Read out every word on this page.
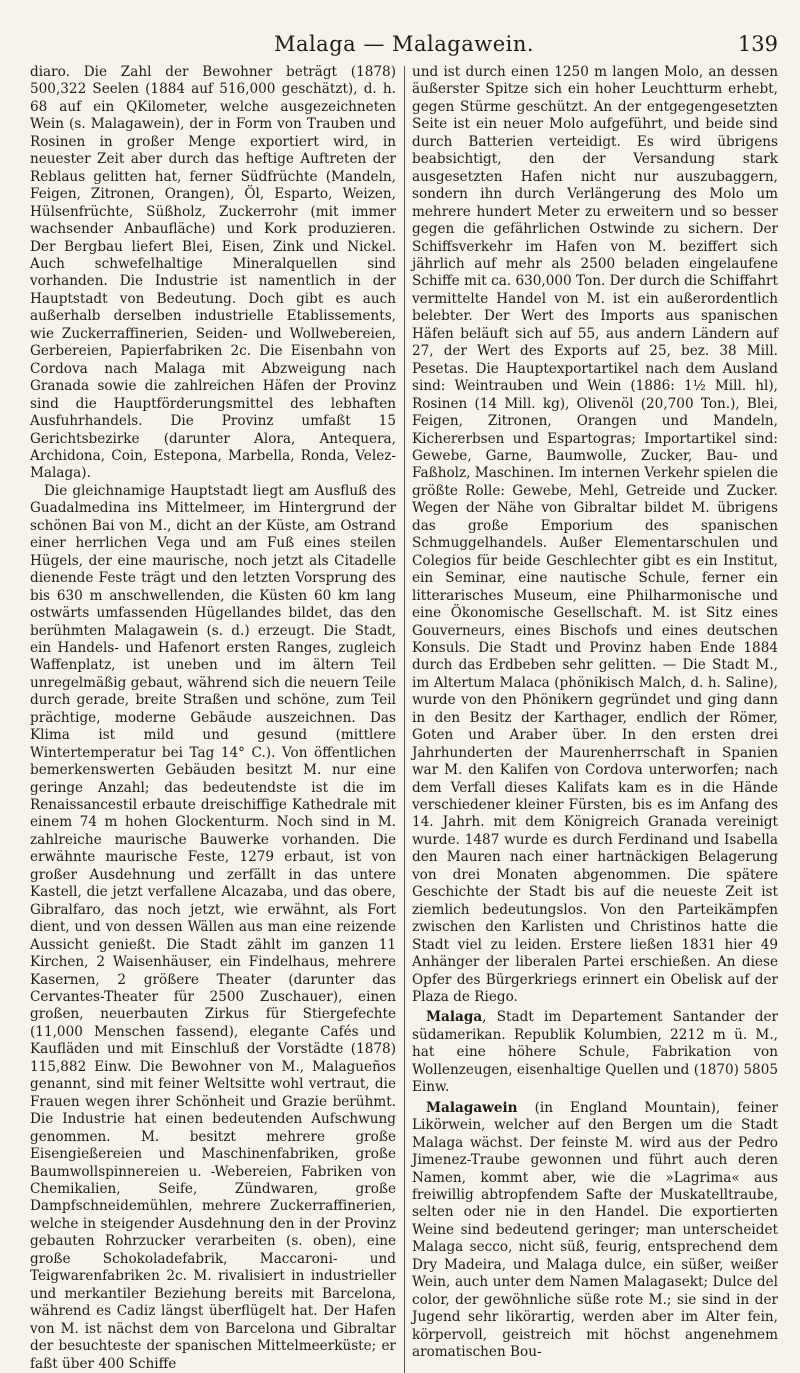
Malaga — Malagawein.	139

diaro. Die Zahl der Bewohner beträgt (1878) 500,322 Seelen (1884 auf 516,000 geschätzt), d. h. 68 auf ein QKilometer, welche ausgezeichneten Wein (s. Malagawein), der in Form von Trauben und Rosinen in großer Menge exportiert wird, in neuester Zeit aber durch das heftige Auftreten der Reblaus gelitten hat, ferner Südfrüchte (Mandeln, Feigen, Zitronen, Orangen), Öl, Esparto, Weizen, Hülsenfrüchte, Süßholz, Zuckerrohr (mit immer wachsender Anbaufläche) und Kork produzieren. Der Bergbau liefert Blei, Eisen, Zink und Nickel. Auch schwefelhaltige Mineralquellen sind vorhanden. Die Industrie ist namentlich in der Hauptstadt von Bedeutung. Doch gibt es auch außerhalb derselben industrielle Etablissements, wie Zuckerraffinerien, Seiden- und Wollwebereien, Gerbereien, Papierfabriken 2c. Die Eisenbahn von Cordova nach Malaga mit Abzweigung nach Granada sowie die zahlreichen Häfen der Provinz sind die Hauptförderungsmittel des lebhaften Ausfuhrhandels. Die Provinz umfaßt 15 Gerichtsbezirke (darunter Alora, Antequera, Archidona, Coin, Estepona, Marbella, Ronda, Velez-Malaga).

Die gleichnamige Hauptstadt liegt am Ausfluß des Guadalmedina ins Mittelmeer, im Hintergrund der schönen Bai von M., dicht an der Küste, am Ostrand einer herrlichen Vega und am Fuß eines steilen Hügels, der eine maurische, noch jetzt als Citadelle dienende Feste trägt und den letzten Vorsprung des bis 630 m anschwellenden, die Küsten 60 km lang ostwärts umfassenden Hügellandes bildet, das den berühmten Malagawein (s. d.) erzeugt. Die Stadt, ein Handels- und Hafenort ersten Ranges, zugleich Waffenplatz, ist uneben und im ältern Teil unregelmäßig gebaut, während sich die neuern Teile durch gerade, breite Straßen und schöne, zum Teil prächtige, moderne Gebäude auszeichnen. Das Klima ist mild und gesund (mittlere Wintertemperatur bei Tag 14° C.). Von öffentlichen bemerkenswerten Gebäuden besitzt M. nur eine geringe Anzahl; das bedeutendste ist die im Renaissancestil erbaute dreischiffige Kathedrale mit einem 74 m hohen Glockenturm. Noch sind in M. zahlreiche maurische Bauwerke vorhanden. Die erwähnte maurische Feste, 1279 erbaut, ist von großer Ausdehnung und zerfällt in das untere Kastell, die jetzt verfallene Alcazaba, und das obere, Gibralfaro, das noch jetzt, wie erwähnt, als Fort dient, und von dessen Wällen aus man eine reizende Aussicht genießt. Die Stadt zählt im ganzen 11 Kirchen, 2 Waisenhäuser, ein Findelhaus, mehrere Kasernen, 2 größere Theater (darunter das Cervantes-Theater für 2500 Zuschauer), einen großen, neuerbauten Zirkus für Stiergefechte (11,000 Menschen fassend), elegante Cafés und Kaufläden und mit Einschluß der Vorstädte (1878) 115,882 Einw. Die Bewohner von M., Malagueños genannt, sind mit feiner Weltsitte wohl vertraut, die Frauen wegen ihrer Schönheit und Grazie berühmt. Die Industrie hat einen bedeutenden Aufschwung genommen. M. besitzt mehrere große Eisengießereien und Maschinenfabriken, große Baumwollspinnereien u. -Webereien, Fabriken von Chemikalien, Seife, Zündwaren, große Dampfschneidemühlen, mehrere Zuckerraffinerien, welche in steigender Ausdehnung den in der Provinz gebauten Rohrzucker verarbeiten (s. oben), eine große Schokoladefabrik, Maccaroni- und Teigwarenfabriken 2c. M. rivalisiert in industrieller und merkantiler Beziehung bereits mit Barcelona, während es Cadiz längst überflügelt hat. Der Hafen von M. ist nächst dem von Barcelona und Gibraltar der besuchteste der spanischen Mittelmeerküste; er faßt über 400 Schiffe

und ist durch einen 1250 m langen Molo, an dessen äußerster Spitze sich ein hoher Leuchtturm erhebt, gegen Stürme geschützt. An der entgegengesetzten Seite ist ein neuer Molo aufgeführt, und beide sind durch Batterien verteidigt. Es wird übrigens beabsichtigt, den der Versandung stark ausgesetzten Hafen nicht nur auszubaggern, sondern ihn durch Verlängerung des Molo um mehrere hundert Meter zu erweitern und so besser gegen die gefährlichen Ostwinde zu sichern. Der Schiffsverkehr im Hafen von M. beziffert sich jährlich auf mehr als 2500 beladen eingelaufene Schiffe mit ca. 630,000 Ton. Der durch die Schiffahrt vermittelte Handel von M. ist ein außerordentlich belebter. Der Wert des Imports aus spanischen Häfen beläuft sich auf 55, aus andern Ländern auf 27, der Wert des Exports auf 25, bez. 38 Mill. Pesetas. Die Hauptexportartikel nach dem Ausland sind: Weintrauben und Wein (1886: 1½ Mill. hl), Rosinen (14 Mill. kg), Olivenöl (20,700 Ton.), Blei, Feigen, Zitronen, Orangen und Mandeln, Kichererbsen und Espartogras; Importartikel sind: Gewebe, Garne, Baumwolle, Zucker, Bau- und Faßholz, Maschinen. Im internen Verkehr spielen die größte Rolle: Gewebe, Mehl, Getreide und Zucker. Wegen der Nähe von Gibraltar bildet M. übrigens das große Emporium des spanischen Schmuggelhandels. Außer Elementarschulen und Colegios für beide Geschlechter gibt es ein Institut, ein Seminar, eine nautische Schule, ferner ein litterarisches Museum, eine Philharmonische und eine Ökonomische Gesellschaft. M. ist Sitz eines Gouverneurs, eines Bischofs und eines deutschen Konsuls. Die Stadt und Provinz haben Ende 1884 durch das Erdbeben sehr gelitten. — Die Stadt M., im Altertum Malaca (phönikisch Malch, d. h. Saline), wurde von den Phönikern gegründet und ging dann in den Besitz der Karthager, endlich der Römer, Goten und Araber über. In den ersten drei Jahrhunderten der Maurenherrschaft in Spanien war M. den Kalifen von Cordova unterworfen; nach dem Verfall dieses Kalifats kam es in die Hände verschiedener kleiner Fürsten, bis es im Anfang des 14. Jahrh. mit dem Königreich Granada vereinigt wurde. 1487 wurde es durch Ferdinand und Isabella den Mauren nach einer hartnäckigen Belagerung von drei Monaten abgenommen. Die spätere Geschichte der Stadt bis auf die neueste Zeit ist ziemlich bedeutungslos. Von den Parteikämpfen zwischen den Karlisten und Christinos hatte die Stadt viel zu leiden. Erstere ließen 1831 hier 49 Anhänger der liberalen Partei erschießen. An diese Opfer des Bürgerkriegs erinnert ein Obelisk auf der Plaza de Riego.

Malaga, Stadt im Departement Santander der südamerikan. Republik Kolumbien, 2212 m ü. M., hat eine höhere Schule, Fabrikation von Wollenzeugen, eisenhaltige Quellen und (1870) 5805 Einw.

Malagawein (in England Mountain), feiner Likörwein, welcher auf den Bergen um die Stadt Malaga wächst. Der feinste M. wird aus der Pedro Jimenez-Traube gewonnen und führt auch deren Namen, kommt aber, wie die »Lagrima« aus freiwillig abtropfendem Safte der Muskatelltraube, selten oder nie in den Handel. Die exportierten Weine sind bedeutend geringer; man unterscheidet Malaga secco, nicht süß, feurig, entsprechend dem Dry Madeira, und Malaga dulce, ein süßer, weißer Wein, auch unter dem Namen Malagasekt; Dulce del color, der gewöhnliche süße rote M.; sie sind in der Jugend sehr likörartig, werden aber im Alter fein, körpervoll, geistreich mit höchst angenehmem aromatischen Bou-
